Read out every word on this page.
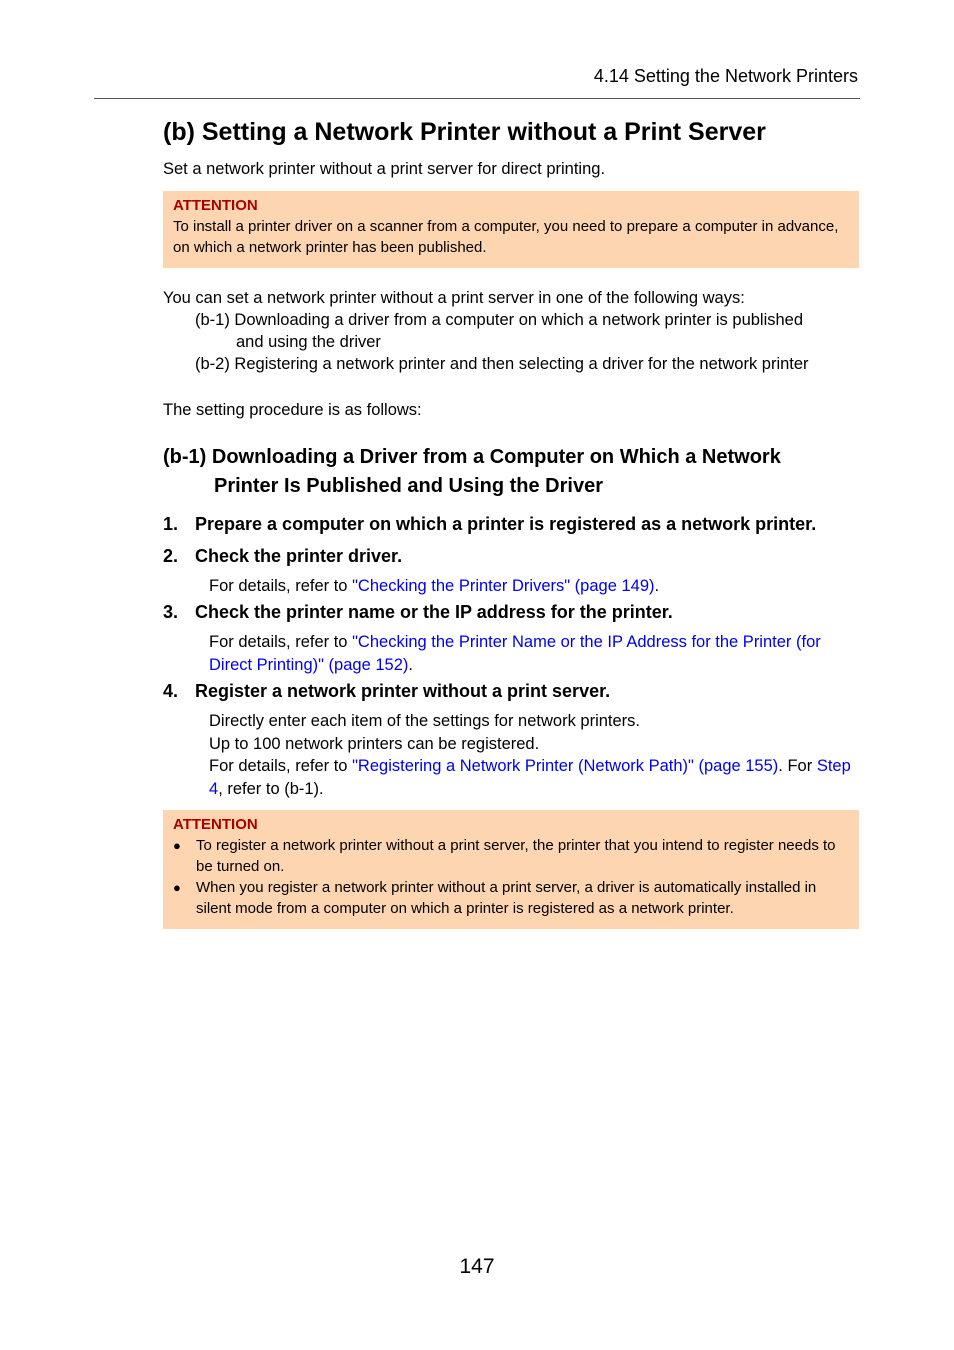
4.14 Setting the Network Printers
(b) Setting a Network Printer without a Print Server
Set a network printer without a print server for direct printing.
ATTENTION
To install a printer driver on a scanner from a computer, you need to prepare a computer in advance, on which a network printer has been published.
You can set a network printer without a print server in one of the following ways:
(b-1) Downloading a driver from a computer on which a network printer is published
and using the driver
(b-2) Registering a network printer and then selecting a driver for the network printer
The setting procedure is as follows:
(b-1) Downloading a Driver from a Computer on Which a Network
Printer Is Published and Using the Driver
1. Prepare a computer on which a printer is registered as a network printer.
2. Check the printer driver.
For details, refer to "Checking the Printer Drivers" (page 149).
3. Check the printer name or the IP address for the printer.
For details, refer to "Checking the Printer Name or the IP Address for the Printer (for Direct Printing)" (page 152).
4. Register a network printer without a print server.
Directly enter each item of the settings for network printers.
Up to 100 network printers can be registered.
For details, refer to "Registering a Network Printer (Network Path)" (page 155). For Step 4, refer to (b-1).
ATTENTION
●	To register a network printer without a print server, the printer that you intend to register needs to be turned on.
●	When you register a network printer without a print server, a driver is automatically installed in silent mode from a computer on which a printer is registered as a network printer.
147
